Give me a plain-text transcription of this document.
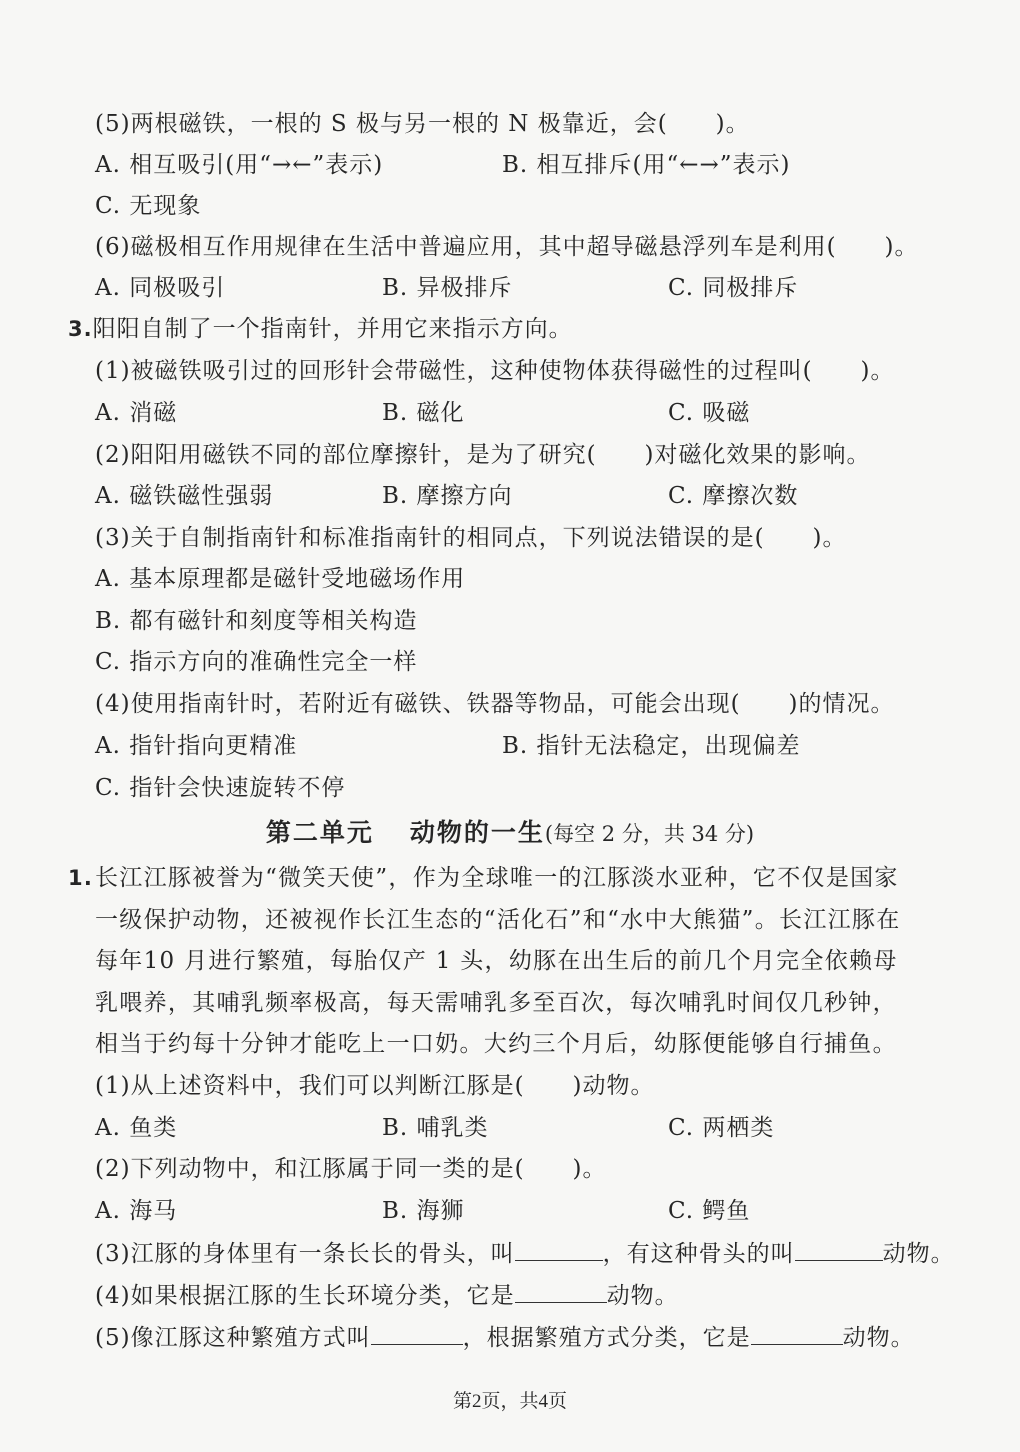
(5)两根磁铁，一根的 S 极与另一根的 N 极靠近，会(　　)。
A. 相互吸引(用“→←”表示)	B. 相互排斥(用“←→”表示)
C. 无现象
(6)磁极相互作用规律在生活中普遍应用，其中超导磁悬浮列车是利用(　　)。
A. 同极吸引	B. 异极排斥	C. 同极排斥
3.阳阳自制了一个指南针，并用它来指示方向。
(1)被磁铁吸引过的回形针会带磁性，这种使物体获得磁性的过程叫(　　)。
A. 消磁	B. 磁化	C. 吸磁
(2)阳阳用磁铁不同的部位摩擦针，是为了研究(　　)对磁化效果的影响。
A. 磁铁磁性强弱	B. 摩擦方向	C. 摩擦次数
(3)关于自制指南针和标准指南针的相同点，下列说法错误的是(　　)。
A. 基本原理都是磁针受地磁场作用
B. 都有磁针和刻度等相关构造
C. 指示方向的准确性完全一样
(4)使用指南针时，若附近有磁铁、铁器等物品，可能会出现(　　)的情况。
A. 指针指向更精准	B. 指针无法稳定，出现偏差
C. 指针会快速旋转不停
第二单元 动物的一生(每空 2 分，共 34 分)
1. 长江江豚被誉为“微笑天使”，作为全球唯一的江豚淡水亚种，它不仅是国家一级保护动物，还被视作长江生态的“活化石”和“水中大熊猫”。长江江豚在每年10 月进行繁殖，每胎仅产 1 头，幼豚在出生后的前几个月完全依赖母乳喂养，其哺乳频率极高，每天需哺乳多至百次，每次哺乳时间仅几秒钟，相当于约每十分钟才能吃上一口奶。大约三个月后，幼豚便能够自行捕鱼。
(1)从上述资料中，我们可以判断江豚是(　　)动物。
A. 鱼类	B. 哺乳类	C. 两栖类
(2)下列动物中，和江豚属于同一类的是(　　)。
A. 海马	B. 海狮	C. 鳄鱼
(3)江豚的身体里有一条长长的骨头，叫	，有这种骨头的叫	动物。
(4)如果根据江豚的生长环境分类，它是	动物。
(5)像江豚这种繁殖方式叫	，根据繁殖方式分类，它是	动物。
第2页，共4页
